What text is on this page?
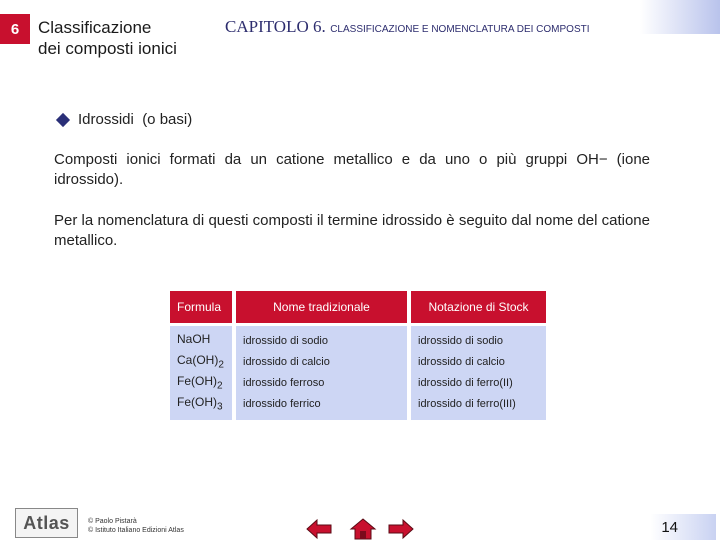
6	Classificazione
dei composti ionici
CAPITOLO 6. CLASSIFICAZIONE E NOMENCLATURA DEI COMPOSTI
Idrossidi  (o basi)

Composti ionici formati da un catione metallico e da uno o più gruppi OH− (ione idrossido).

Per la nomenclatura di questi composti il termine idrossido è seguito dal nome del catione metallico.

Formula	Nome tradizionale	Notazione di Stock
NaOH	idrossido di sodio	idrossido di sodio
$Ca(OH)_2$	idrossido di calcio	idrossido di calcio
$Fe(OH)_2$	idrossido ferroso	idrossido di ferro(II)
$Fe(OH)_3$	idrossido ferrico	idrossido di ferro(III)
Atlas	© Paolo Pistarà
© Istituto Italiano Edizioni Atlas	14
